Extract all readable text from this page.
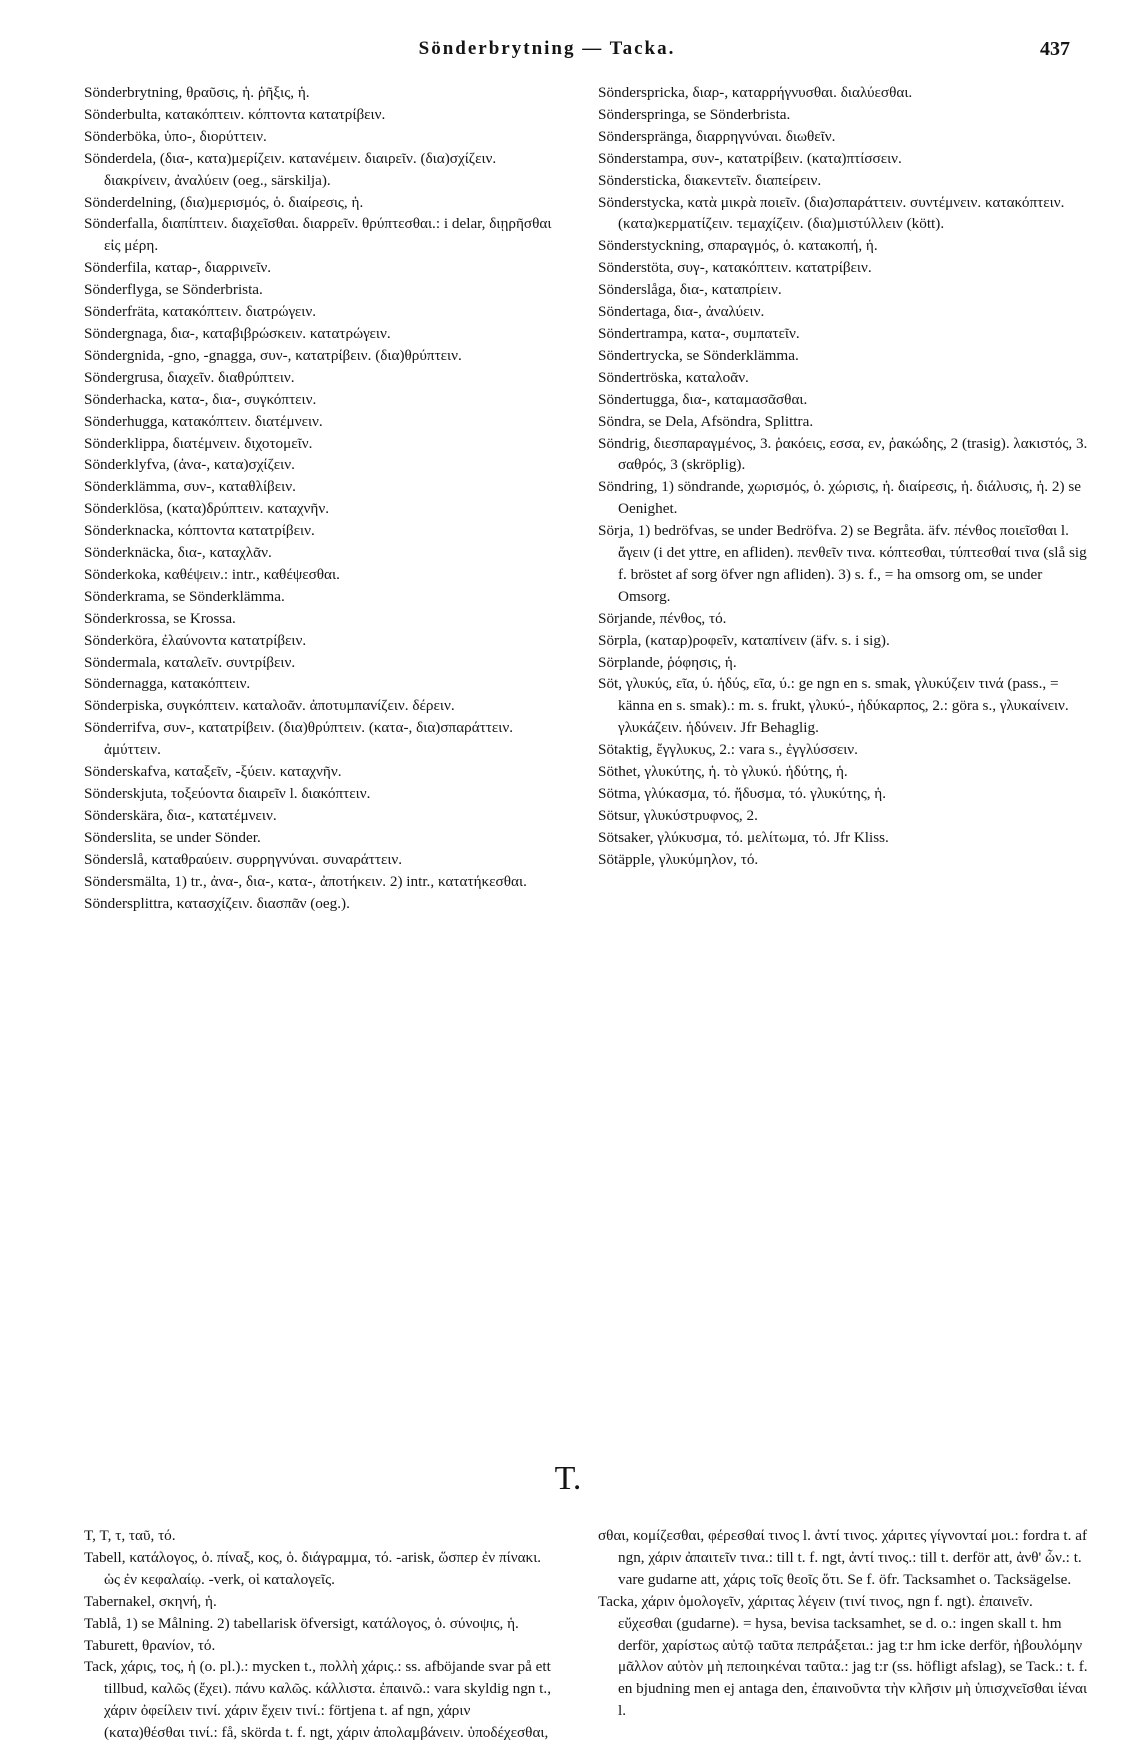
Sönderbrytning — Tacka.	437

Sönderbrytning, θραῦσις, ἡ. ῥῆξις, ἡ.

Sönderbulta, κατακόπτειν. κόπτοντα κατατρίβειν.

Sönderböka, ὑπο-, διορύττειν.

Sönderdela, (δια-, κατα)μερίζειν. κατανέμειν. διαιρεῖν. (δια)σχίζειν. διακρίνειν, ἀναλύειν (oeg., särskilja).

Sönderdelning, (δια)μερισμός, ὁ. διαίρεσις, ἡ.

Sönderfalla, διαπίπτειν. διαχεῖσθαι. διαρρεῖν. θρύπτεσθαι.: i delar, διῃρῆσθαι εἰς μέρη.

Sönderfila, καταρ-, διαρρινεῖν.

Sönderflyga, se Sönderbrista.

Sönderfräta, κατακόπτειν. διατρώγειν.

Söndergnaga, δια-, καταβιβρώσκειν. κατατρώγειν.

Söndergnida, -gno, -gnagga, συν-, κατατρίβειν. (δια)θρύπτειν.

Söndergrusa, διαχεῖν. διαθρύπτειν.

Sönderhacka, κατα-, δια-, συγκόπτειν.

Sönderhugga, κατακόπτειν. διατέμνειν.

Sönderklippa, διατέμνειν. διχοτομεῖν.

Sönderklyfva, (ἀνα-, κατα)σχίζειν.

Sönderklämma, συν-, καταθλίβειν.

Sönderklösa, (κατα)δρύπτειν. καταχνῆν.

Sönderknacka, κόπτοντα κατατρίβειν.

Sönderknäcka, δια-, καταχλᾶν.

Sönderkoka, καθέψειν.: intr., καθέψεσθαι.

Sönderkrama, se Sönderklämma.

Sönderkrossa, se Krossa.

Sönderköra, ἐλαύνοντα κατατρίβειν.

Söndermala, καταλεῖν. συντρίβειν.

Söndernagga, κατακόπτειν.

Sönderpiska, συγκόπτειν. καταλοᾶν. ἀποτυμπανίζειν. δέρειν.

Sönderrifva, συν-, κατατρίβειν. (δια)θρύπτειν. (κατα-, δια)σπαράττειν. ἀμύττειν.

Sönderskafva, καταξεῖν, -ξύειν. καταχνῆν.

Sönderskjuta, τοξεύοντα διαιρεῖν l. διακόπτειν.

Sönderskära, δια-, κατατέμνειν.

Sönderslita, se under Sönder.

Sönderslå, καταθραύειν. συρρηγνύναι. συναράττειν.

Söndersmälta, 1) tr., ἀνα-, δια-, κατα-, ἀποτήκειν. 2) intr., κατατήκεσθαι.

Söndersplittra, κατασχίζειν. διασπᾶν (oeg.).

Sönderspricka, διαρ-, καταρρήγνυσθαι. διαλύεσθαι.

Sönderspringa, se Sönderbrista.

Söndersprängа, διαρρηγνύναι. διωθεῖν.

Sönderstampa, συν-, κατατρίβειν. (κατα)πτίσσειν.

Söndersticka, διακεντεῖν. διαπείρειν.

Sönderstycka, κατὰ μικρὰ ποιεῖν. (δια)σπαράττειν. συντέμνειν. κατακόπτειν. (κατα)κερματίζειν. τεμαχίζειν. (δια)μιστύλλειν (kött).

Sönderstyckning, σπαραγμός, ὁ. κατακοπή, ἡ.

Sönderstöta, συγ-, κατακόπτειν. κατατρίβειν.

Sönderslåga, δια-, καταπρίειν.

Söndertaga, δια-, ἀναλύειν.

Söndertrampa, κατα-, συμπατεῖν.

Söndertrycka, se Sönderklämma.

Söndertröska, καταλοᾶν.

Söndertugga, δια-, καταμασᾶσθαι.

Söndra, se Dela, Afsöndra, Splittra.

Söndrig, διεσπαραγμένος, 3. ῥακόεις, εσσα, εν, ῥακώδης, 2 (trasig). λακιστός, 3. σαθρός, 3 (skröplig).

Söndring, 1) söndrande, χωρισμός, ὁ. χώρισις, ἡ. διαίρεσις, ἡ. διάλυσις, ἡ. 2) se Oenighet.

Sörja, 1) bedröfvas, se under Bedröfva. 2) se Begråta. äfv. πένθος ποιεῖσθαι l. ἄγειν (i det yttre, en afliden). πενθεῖν τινα. κόπτεσθαι, τύπτεσθαί τινα (slå sig f. bröstet af sorg öfver ngn afliden). 3) s. f., = ha omsorg om, se under Omsorg.

Sörjande, πένθος, τό.

Sörpla, (καταρ)ροφεῖν, καταπίνειν (äfv. s. i sig).

Sörplande, ῥόφησις, ἡ.

Söt, γλυκύς, εῖα, ύ. ἡδύς, εῖα, ύ.: ge ngn en s. smak, γλυκύζειν τινά (pass., = känna en s. smak).: m. s. frukt, γλυκύ-, ἡδύκαρπος, 2.: göra s., γλυκαίνειν. γλυκάζειν. ἡδύνειν. Jfr Behaglig.

Sötaktig, ἔγγλυκυς, 2.: vara s., ἐγγλύσσειν.

Söthet, γλυκύτης, ἡ. τὸ γλυκύ. ἡδύτης, ἡ.

Sötma, γλύκασμα, τό. ἥδυσμα, τό. γλυκύτης, ἡ.

Sötsur, γλυκύστρυφνος, 2.

Sötsaker, γλύκυσμα, τό. μελίτωμα, τό. Jfr Kliss.

Sötäpple, γλυκύμηλον, τό.

T.

T, T, τ, ταῦ, τό.

Tabell, κατάλογος, ὁ. πίναξ, κος, ὁ. διάγραμμα, τό. -arisk, ὥσπερ ἐν πίνακι. ὡς ἐν κεφαλαίῳ. -verk, οἱ καταλογεῖς.

Tabernakel, σκηνή, ἡ.

Tablå, 1) se Målning. 2) tabellarisk öfversigt, κατάλογος, ὁ. σύνοψις, ἡ.

Taburett, θρανίον, τό.

Tack, χάρις, τος, ἡ (o. pl.).: mycken t., πολλὴ χάρις.: ss. afböjande svar på ett tillbud, καλῶς (ἔχει). πάνυ καλῶς. κάλλιστα. ἐπαινῶ.: vara skyldig ngn t., χάριν ὀφείλειν τινί. χάριν ἔχειν τινί.: förtjena t. af ngn, χάριν (κατα)θέσθαι τινί.: få, skörda t. f. ngt, χάριν ἀπολαμβάνειν. ὑποδέχεσθαι,

σθαι, κομίζεσθαι, φέρεσθαί τινος l. ἀντί τινος. χάριτες γίγνονταί μοι.: fordra t. af ngn, χάριν ἀπαιτεῖν τινα.: till t. f. ngt, ἀντί τινος.: till t. derför att, ἀνθ' ὧν.: t. vare gudarne att, χάρις τοῖς θεοῖς ὅτι. Se f. öfr. Tacksamhet o. Tacksägelse.

Tacka, χάριν ὁμολογεῖν, χάριτας λέγειν (τινί τινος, ngn f. ngt). ἐπαινεῖν. εὔχεσθαι (gudarne). = hysa, bevisa tacksamhet, se d. o.: ingen skall t. hm derför, χαρίστως αὐτῷ ταῦτα πεπράξεται.: jag t:r hm icke derför, ἠβουλόμην μᾶλλον αὐτὸν μὴ πεποιηκέναι ταῦτα.: jag t:r (ss. höfligt afslag), se Tack.: t. f. en bjudning men ej antaga den, ἐπαινοῦντα τὴν κλῆσιν μὴ ὑπισχνεῖσθαι ἰέναι l.
